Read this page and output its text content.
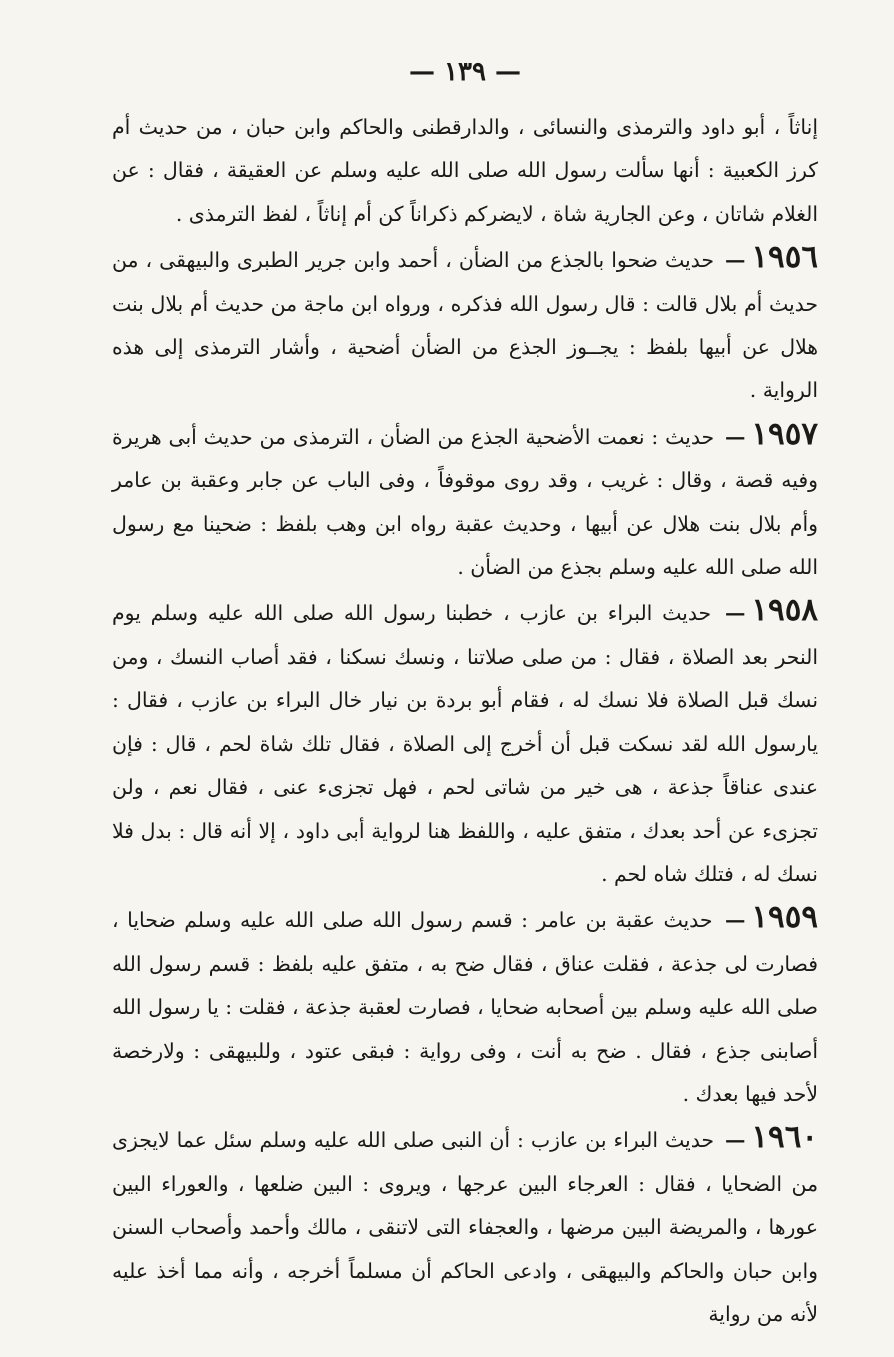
— ١٣٩ —

إناثاً ، أبو داود والترمذى والنسائى ، والدارقطنى والحاكم وابن حبان ، من حديث أم كرز الكعبية : أنها سألت رسول الله صلى الله عليه وسلم عن العقيقة ، فقال : عن الغلام شاتان ، وعن الجارية شاة ، لايضركم ذكراناً كن أم إناثاً ، لفظ الترمذى .

١٩٥٦— حديث ضحوا بالجذع من الضأن ، أحمد وابن جرير الطبرى والبيهقى ، من حديث أم بلال قالت : قال رسول الله فذكره ، ورواه ابن ماجة من حديث أم بلال بنت هلال عن أبيها بلفظ : يجــوز الجذع من الضأن أضحية ، وأشار الترمذى إلى هذه الرواية .

١٩٥٧— حديث : نعمت الأضحية الجذع من الضأن ، الترمذى من حديث أبى هريرة وفيه قصة ، وقال : غريب ، وقد روى موقوفاً ، وفى الباب عن جابر وعقبة بن عامر وأم بلال بنت هلال عن أبيها ، وحديث عقبة رواه ابن وهب بلفظ : ضحينا مع رسول الله صلى الله عليه وسلم بجذع من الضأن .

١٩٥٨— حديث البراء بن عازب ، خطبنا رسول الله صلى الله عليه وسلم يوم النحر بعد الصلاة ، فقال : من صلى صلاتنا ، ونسك نسكنا ، فقد أصاب النسك ، ومن نسك قبل الصلاة فلا نسك له ، فقام أبو بردة بن نيار خال البراء بن عازب ، فقال : يارسول الله لقد نسكت قبل أن أخرج إلى الصلاة ، فقال تلك شاة لحم ، قال : فإن عندى عناقاً جذعة ، هى خير من شاتى لحم ، فهل تجزىء عنى ، فقال نعم ، ولن تجزىء عن أحد بعدك ، متفق عليه ، واللفظ هنا لرواية أبى داود ، إلا أنه قال : بدل فلا نسك له ، فتلك شاه لحم .

١٩٥٩— حديث عقبة بن عامر : قسم رسول الله صلى الله عليه وسلم ضحايا ، فصارت لى جذعة ، فقلت عناق ، فقال ضح به ، متفق عليه بلفظ : قسم رسول الله صلى الله عليه وسلم بين أصحابه ضحايا ، فصارت لعقبة جذعة ، فقلت : يا رسول الله أصابنى جذع ، فقال . ضح به أنت ، وفى رواية : فبقى عتود ، وللبيهقى : ولارخصة لأحد فيها بعدك .

١٩٦٠— حديث البراء بن عازب : أن النبى صلى الله عليه وسلم سئل عما لايجزى من الضحايا ، فقال : العرجاء البين عرجها ، ويروى : البين ضلعها ، والعوراء البين عورها ، والمريضة البين مرضها ، والعجفاء التى لاتنقى ، مالك وأحمد وأصحاب السنن وابن حبان والحاكم والبيهقى ، وادعى الحاكم أن مسلماً أخرجه ، وأنه مما أخذ عليه لأنه من رواية
